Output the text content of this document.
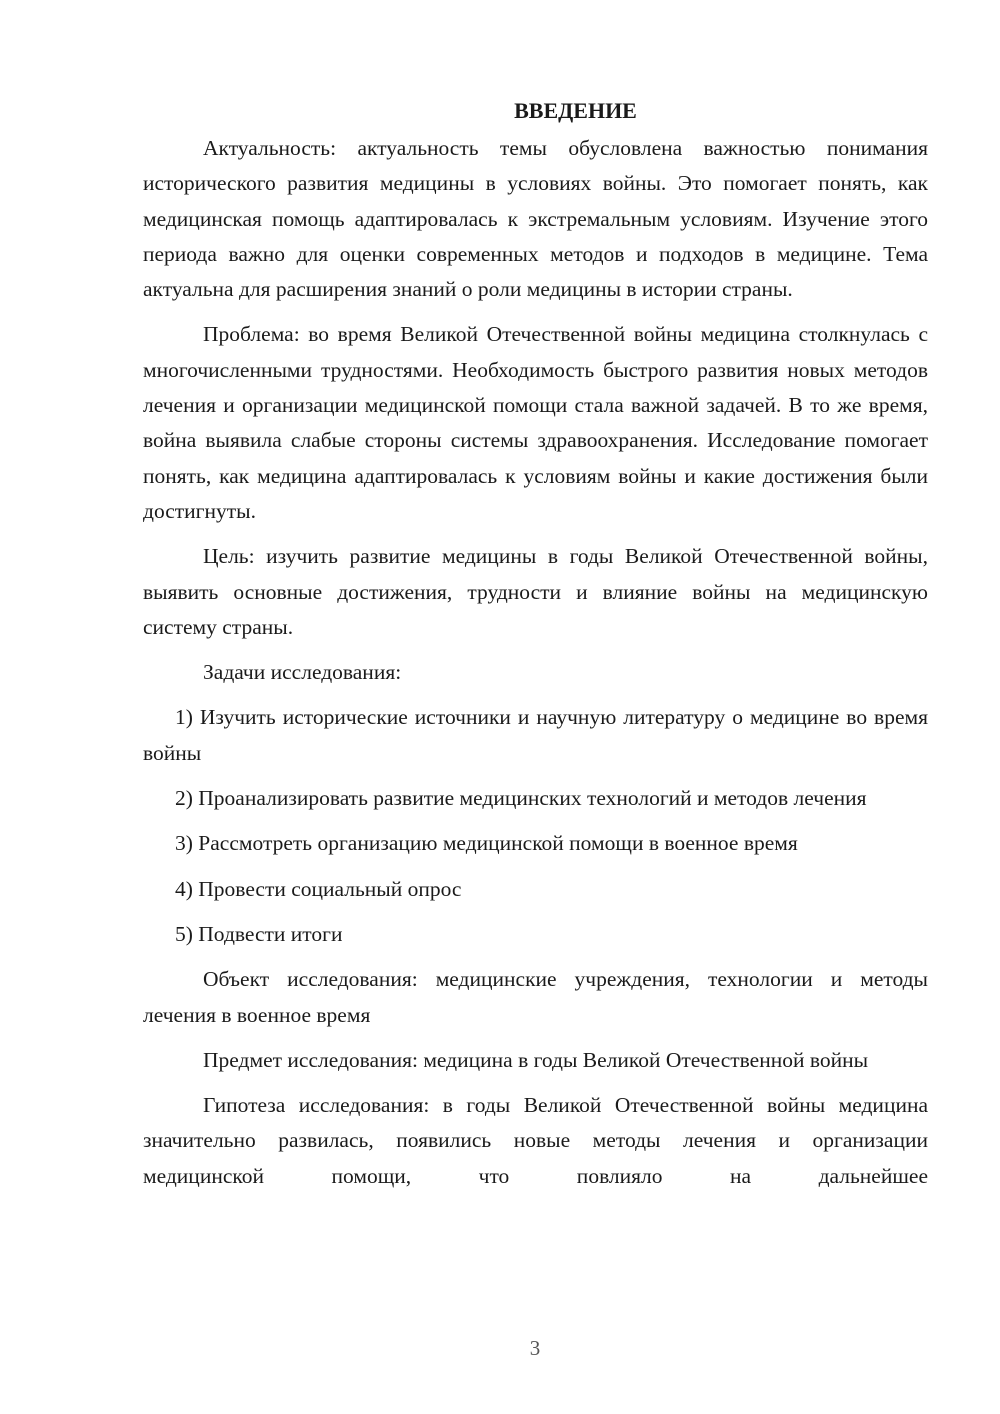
ВВЕДЕНИЕ

Актуальность: актуальность темы обусловлена важностью понимания исторического развития медицины в условиях войны. Это помогает понять, как медицинская помощь адаптировалась к экстремальным условиям. Изучение этого периода важно для оценки современных методов и подходов в медицине. Тема актуальна для расширения знаний о роли медицины в истории страны.

Проблема: во время Великой Отечественной войны медицина столкнулась с многочисленными трудностями. Необходимость быстрого развития новых методов лечения и организации медицинской помощи стала важной задачей. В то же время, война выявила слабые стороны системы здравоохранения. Исследование помогает понять, как медицина адаптировалась к условиям войны и какие достижения были достигнуты.

Цель: изучить развитие медицины в годы Великой Отечественной войны, выявить основные достижения, трудности и влияние войны на медицинскую систему страны.

Задачи исследования:

1) Изучить исторические источники и научную литературу о медицине во время войны

2) Проанализировать развитие медицинских технологий и методов лечения

3) Рассмотреть организацию медицинской помощи в военное время

4) Провести социальный опрос

5) Подвести итоги

Объект исследования: медицинские учреждения, технологии и методы лечения в военное время

Предмет исследования: медицина в годы Великой Отечественной войны

Гипотеза исследования: в годы Великой Отечественной войны медицина значительно развилась, появились новые методы лечения и организации медицинской помощи, что повлияло на дальнейшее

3
